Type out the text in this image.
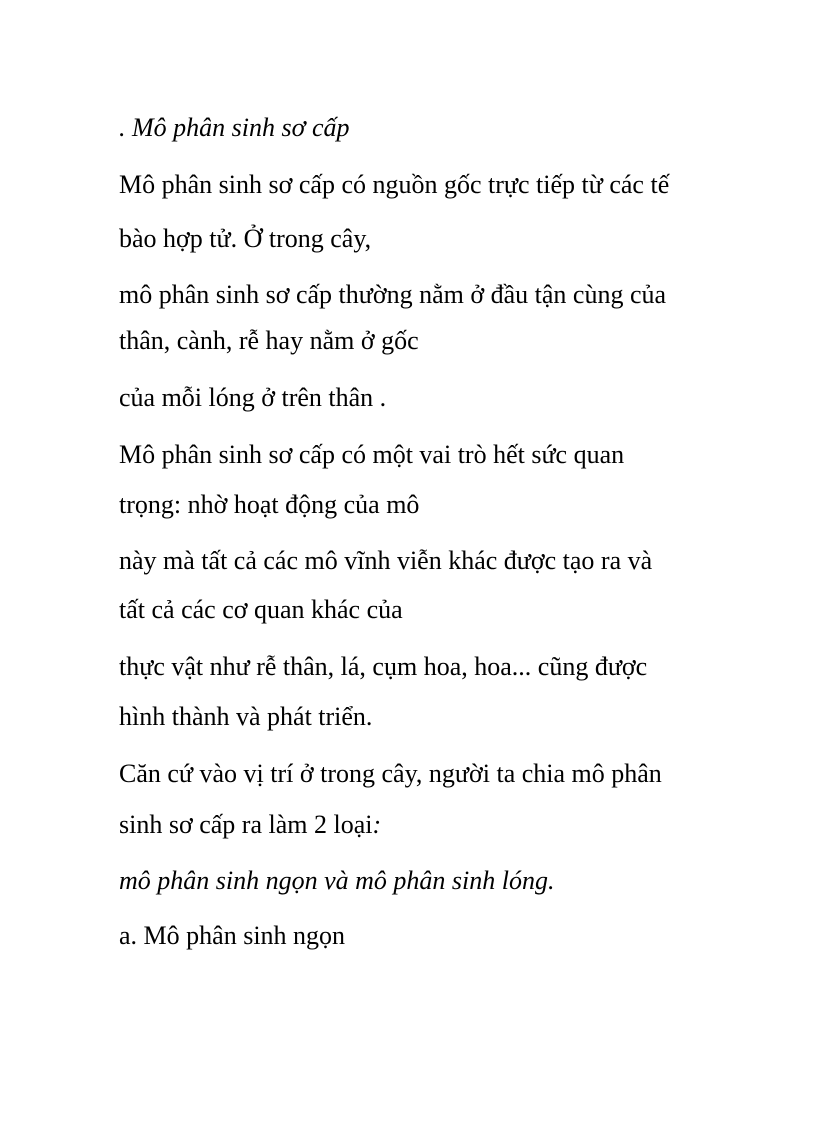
. Mô phân sinh sơ cấp

Mô phân sinh sơ cấp có nguồn gốc trực tiếp từ các tế

bào hợp tử. Ở trong cây,

mô phân sinh sơ cấp thường nằm ở đầu tận cùng của

thân, cành, rễ hay nằm ở gốc

của mỗi lóng ở trên thân .

Mô phân sinh sơ cấp có một vai trò hết sức quan

trọng: nhờ hoạt động của mô

này mà tất cả các mô vĩnh viễn khác được tạo ra và

tất cả các cơ quan khác của

thực vật như rễ thân, lá, cụm hoa, hoa... cũng được

hình thành và phát triển.

Căn cứ vào vị trí ở trong cây, người ta chia mô phân

sinh sơ cấp ra làm 2 loại:

mô phân sinh ngọn và mô phân sinh lóng.

a. Mô phân sinh ngọn
